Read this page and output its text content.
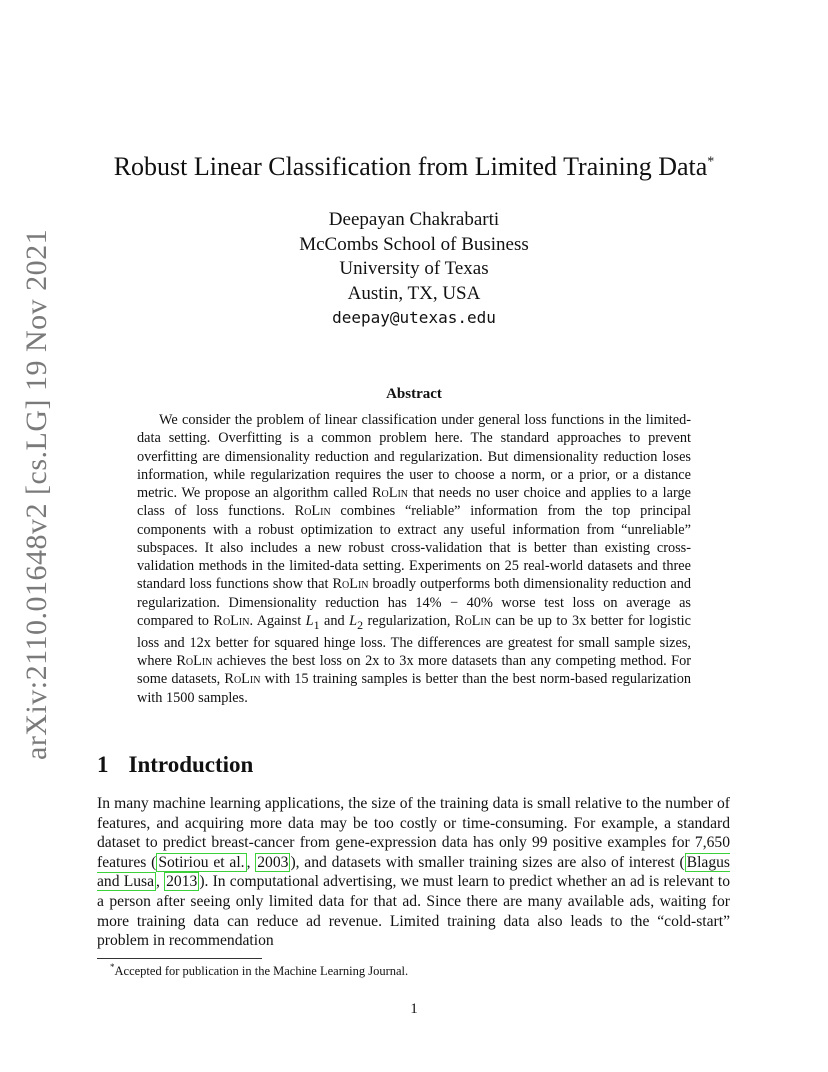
arXiv:2110.01648v2 [cs.LG] 19 Nov 2021
Robust Linear Classification from Limited Training Data*
Deepayan Chakrabarti
McCombs School of Business
University of Texas
Austin, TX, USA
deepay@utexas.edu
Abstract

We consider the problem of linear classification under general loss functions in the limited-data setting. Overfitting is a common problem here. The standard approaches to prevent overfitting are dimensionality reduction and regularization. But dimensionality reduction loses information, while regularization requires the user to choose a norm, or a prior, or a distance metric. We propose an algorithm called RoLin that needs no user choice and applies to a large class of loss functions. RoLin combines “reliable” information from the top principal components with a robust optimization to extract any useful information from “unreliable” subspaces. It also includes a new robust cross-validation that is better than existing cross-validation methods in the limited-data setting. Experiments on 25 real-world datasets and three standard loss functions show that RoLin broadly outperforms both dimensionality reduction and regularization. Dimensionality reduction has 14% − 40% worse test loss on average as compared to RoLin. Against $L_1$ and $L_2$ regularization, RoLin can be up to 3x better for logistic loss and 12x better for squared hinge loss. The differences are greatest for small sample sizes, where RoLin achieves the best loss on 2x to 3x more datasets than any competing method. For some datasets, RoLin with 15 training samples is better than the best norm-based regularization with 1500 samples.

1 Introduction

In many machine learning applications, the size of the training data is small relative to the number of features, and acquiring more data may be too costly or time-consuming. For example, a standard dataset to predict breast-cancer from gene-expression data has only 99 positive examples for 7,650 features ( Sotiriou et al. , 2003 ), and datasets with smaller training sizes are also of interest ( Blagus and Lusa , 2013 ). In computational advertising, we must learn to predict whether an ad is relevant to a person after seeing only limited data for that ad. Since there are many available ads, waiting for more training data can reduce ad revenue. Limited training data also leads to the “cold-start” problem in recommendation

*Accepted for publication in the Machine Learning Journal.
1
